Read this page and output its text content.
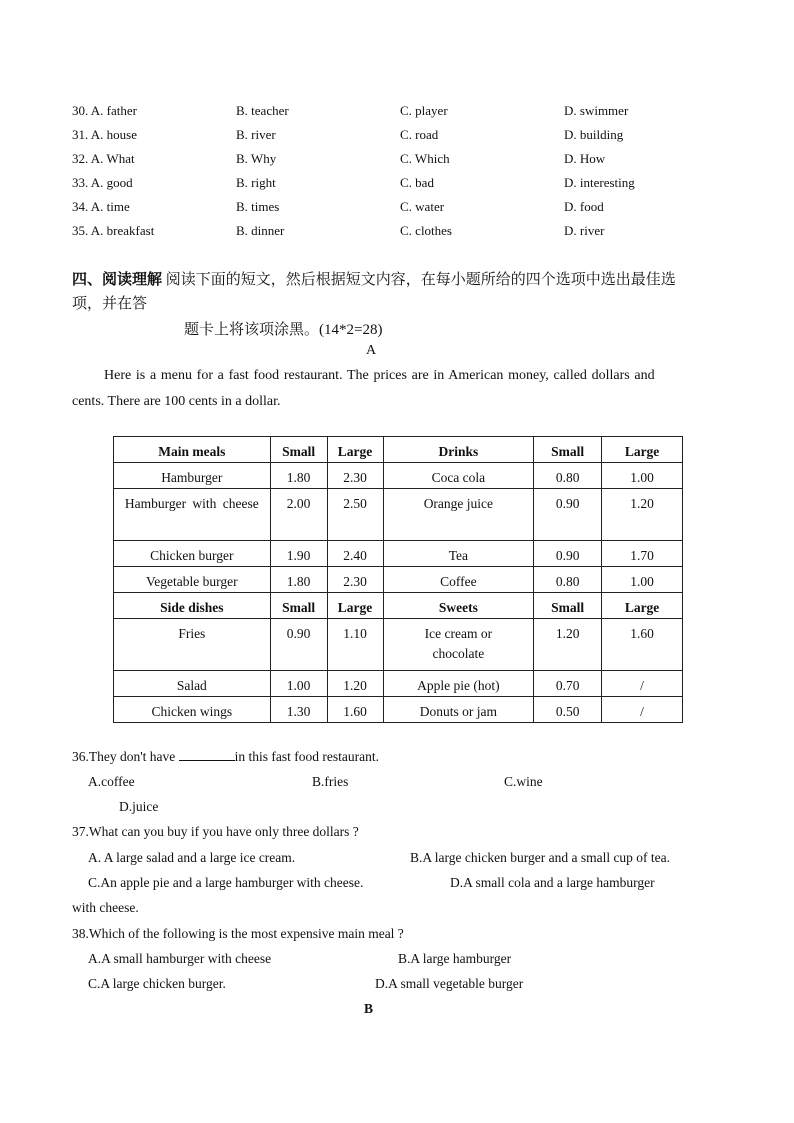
30. A. father	B. teacher	C. player	D. swimmer
31. A. house	B. river	C. road	D. building
32. A. What	B. Why	C. Which	D. How
33. A. good	B. right	C. bad	D. interesting
34. A. time	B. times	C. water	D. food
35. A. breakfast	B. dinner	C. clothes	D. river
四、阅读理解 阅读下面的短文，然后根据短文内容，在每小题所给的四个选项中选出最佳选
项，并在答
题卡上将该项涂黑。(14*2=28)
A
Here is a menu for a fast food restaurant. The prices are in American money, called dollars and
cents. There are 100 cents in a dollar.
Main meals	Small	Large	Drinks	Small	Large
Hamburger	1.80	2.30	Coca cola	0.80	1.00
Hamburger with cheese	2.00	2.50	Orange juice	0.90	1.20
Chicken burger	1.90	2.40	Tea	0.90	1.70
Vegetable burger	1.80	2.30	Coffee	0.80	1.00
Side dishes	Small	Large	Sweets	Small	Large
Fries	0.90	1.10	Ice cream or chocolate	1.20	1.60
Salad	1.00	1.20	Apple pie (hot)	0.70	/
Chicken wings	1.30	1.60	Donuts or jam	0.50	/
36.They don't have	in this fast food restaurant.
A.coffee	B.fries	C.wine
D.juice
37.What can you buy if you have only three dollars ?
A. A large salad and a large ice cream.	B.A large chicken burger and a small cup of tea.
C.An apple pie and a large hamburger with cheese.	D.A small cola and a large hamburger
with cheese.
38.Which of the following is the most expensive main meal ?
A.A small hamburger with cheese	B.A large hamburger
C.A large chicken burger.	D.A small vegetable burger
B
